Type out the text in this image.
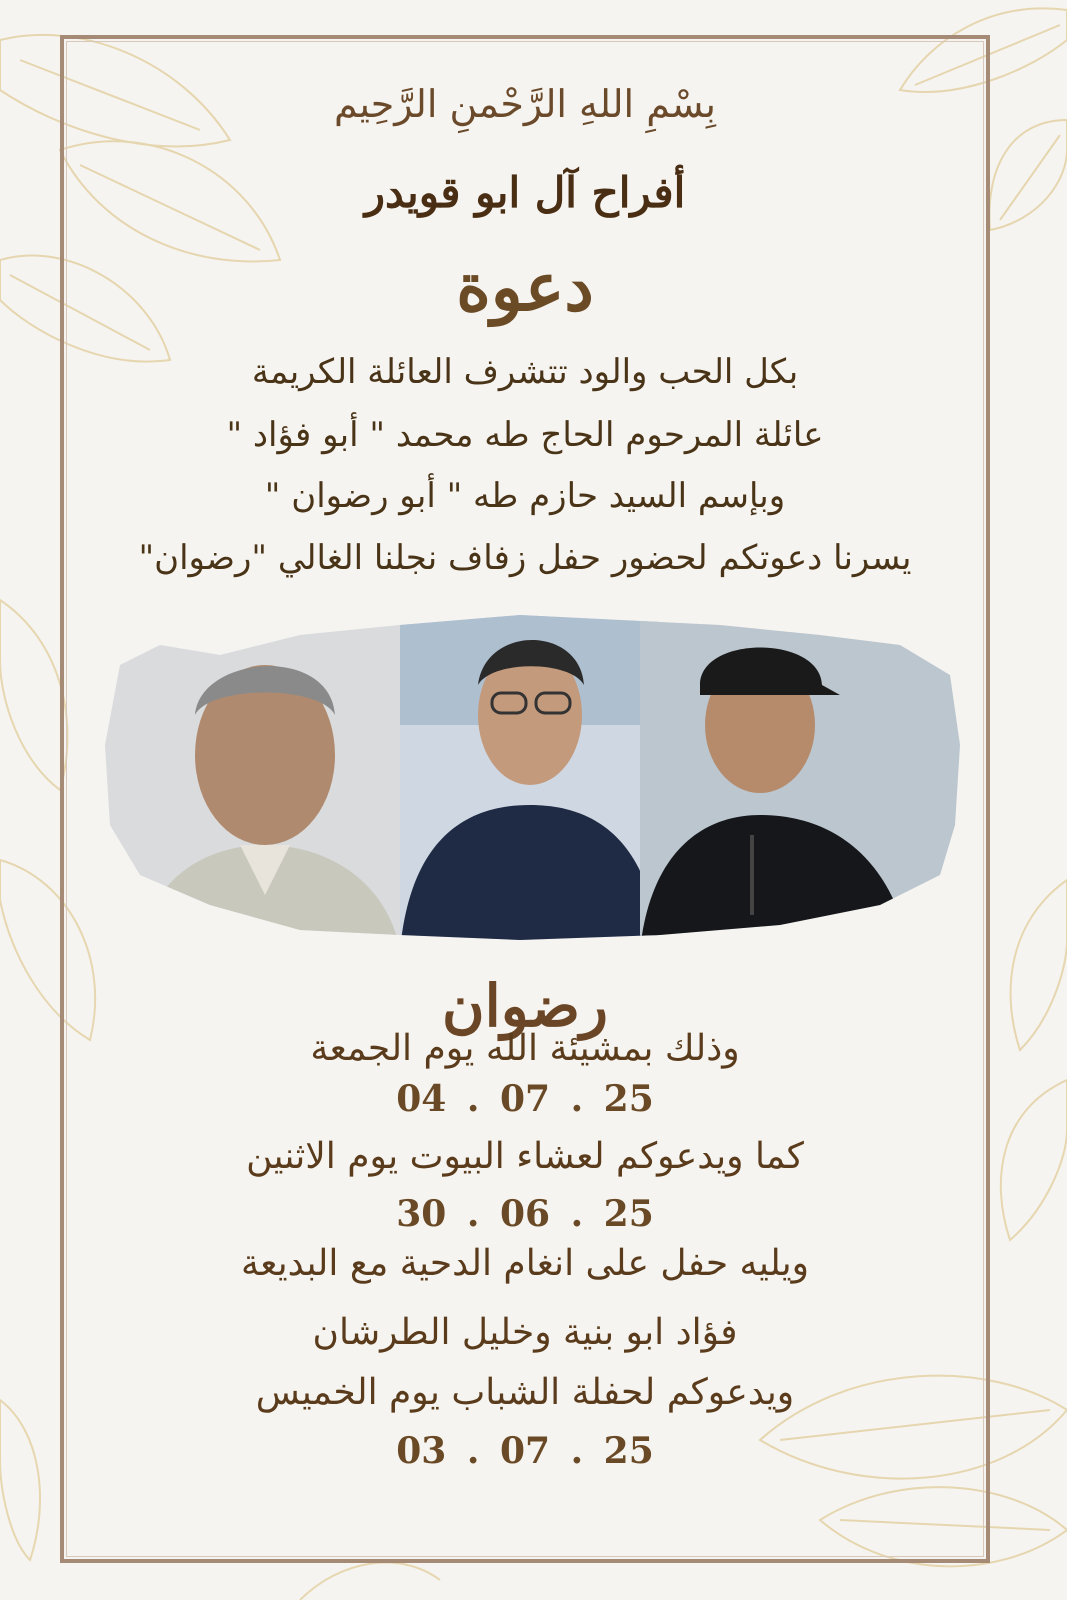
بِسْمِ اللهِ الرَّحْمنِ الرَّحِيم
أفراح آل ابو قويدر
دعوة
بكل الحب والود تتشرف العائلة الكريمة
عائلة المرحوم الحاج طه محمد " أبو فؤاد "
وبإسم السيد حازم طه " أبو رضوان "
يسرنا دعوتكم لحضور حفل زفاف نجلنا الغالي "رضوان"
رضوان
وذلك بمشيئة الله يوم الجمعة
04 . 07 . 25
كما ويدعوكم لعشاء البيوت يوم الاثنين
30 . 06 . 25
ويليه حفل على انغام الدحية مع البديعة
فؤاد ابو بنية وخليل الطرشان
ويدعوكم لحفلة الشباب يوم الخميس
03 . 07 . 25
